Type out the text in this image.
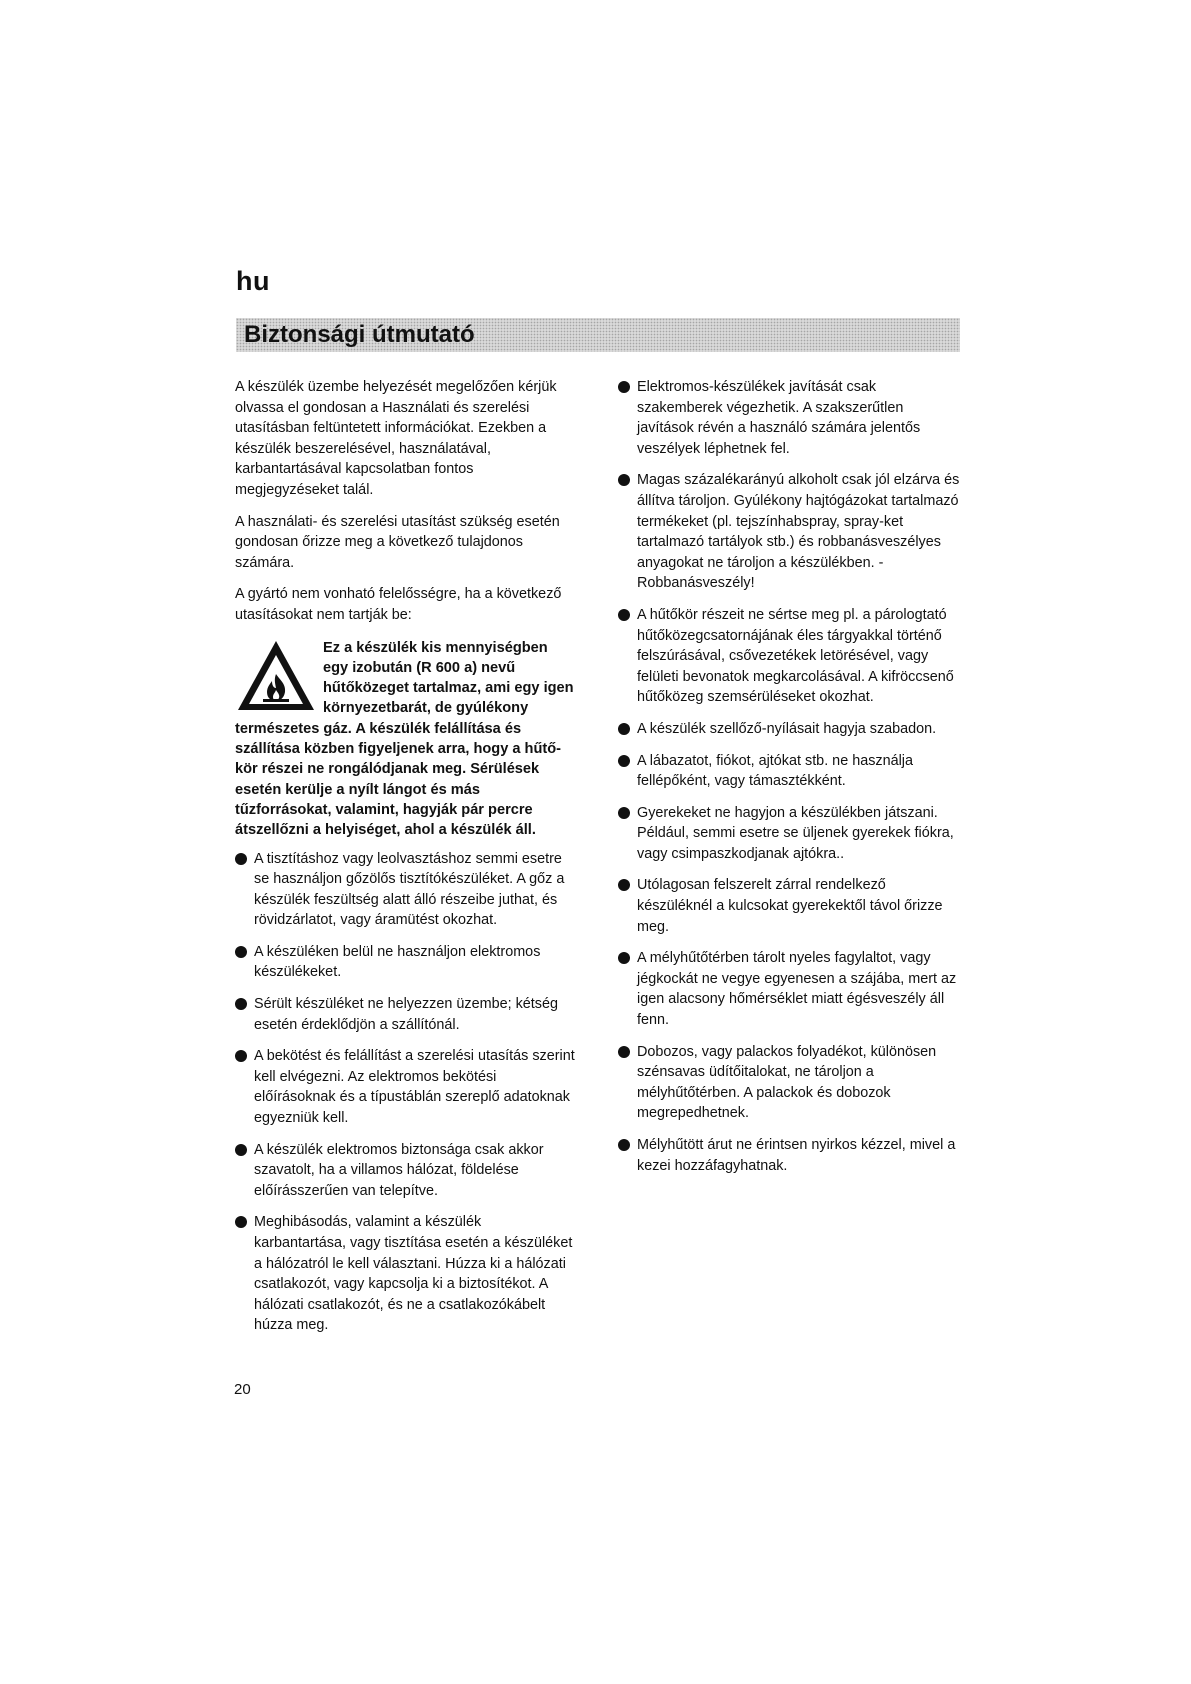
hu
Biztonsági útmutató

A készülék üzembe helyezését megelőzően kérjük olvassa el gondosan a Használati és szerelési utasításban feltüntetett információkat. Ezekben a készülék beszerelésével, használatával, karbantartásával kapcsolatban fontos megjegyzéseket talál.

A használati- és szerelési utasítást szükség esetén gondosan őrizze meg a következő tulajdonos számára.

A gyártó nem vonható felelősségre, ha a következő utasításokat nem tartják be:

Ez a készülék kis mennyiségben egy izobután (R 600 a) nevű hűtőközeget tartalmaz, ami egy igen környezetbarát, de gyúlékony természetes gáz. A készülék felállítása és szállítása közben figyeljenek arra, hogy a hűtő-kör részei ne rongálódjanak meg. Sérülések esetén kerülje a nyílt lángot és más tűzforrásokat, valamint, hagyják pár percre átszellőzni a helyiséget, ahol a készülék áll.
A tisztításhoz vagy leolvasztáshoz semmi esetre se használjon gőzölős tisztítókészüléket. A gőz a készülék feszültség alatt álló részeibe juthat, és rövidzárlatot, vagy áramütést okozhat.
A készüléken belül ne használjon elektromos készülékeket.
Sérült készüléket ne helyezzen üzembe; kétség esetén érdeklődjön a szállítónál.
A bekötést és felállítást a szerelési utasítás szerint kell elvégezni. Az elektromos bekötési előírásoknak és a típustáblán szereplő adatoknak egyezniük kell.
A készülék elektromos biztonsága csak akkor szavatolt, ha a villamos hálózat, földelése előírásszerűen van telepítve.
Meghibásodás, valamint a készülék karbantartása, vagy tisztítása esetén a készüléket a hálózatról le kell választani. Húzza ki a hálózati csatlakozót, vagy kapcsolja ki a biztosítékot. A hálózati csatlakozót, és ne a csatlakozókábelt húzza meg.
Elektromos-készülékek javítását csak szakemberek végezhetik. A szakszerűtlen javítások révén a használó számára jelentős veszélyek léphetnek fel.
Magas százalékarányú alkoholt csak jól elzárva és állítva tároljon. Gyúlékony hajtógázokat tartalmazó termékeket (pl. tejszínhabspray, spray-ket tartalmazó tartályok stb.) és robbanásveszélyes anyagokat ne tároljon a készülékben. - Robbanásveszély!
A hűtőkör részeit ne sértse meg pl. a párologtató hűtőközegcsatornájának éles tárgyakkal történő felszúrásával, csővezetékek letörésével, vagy felületi bevonatok megkarcolásával. A kifröccsenő hűtőközeg szemsérüléseket okozhat.
A készülék szellőző-nyílásait hagyja szabadon.
A lábazatot, fiókot, ajtókat stb. ne használja fellépőként, vagy támasztékként.
Gyerekeket ne hagyjon a készülékben játszani. Például, semmi esetre se üljenek gyerekek fiókra, vagy csimpaszkodjanak ajtókra..
Utólagosan felszerelt zárral rendelkező készüléknél a kulcsokat gyerekektől távol őrizze meg.
A mélyhűtőtérben tárolt nyeles fagylaltot, vagy jégkockát ne vegye egyenesen a szájába, mert az igen alacsony hőmérséklet miatt égésveszély áll fenn.
Dobozos, vagy palackos folyadékot, különösen szénsavas üdítőitalokat, ne tároljon a mélyhűtőtérben. A palackok és dobozok megrepedhetnek.
Mélyhűtött árut ne érintsen nyirkos kézzel, mivel a kezei hozzáfagyhatnak.
20
